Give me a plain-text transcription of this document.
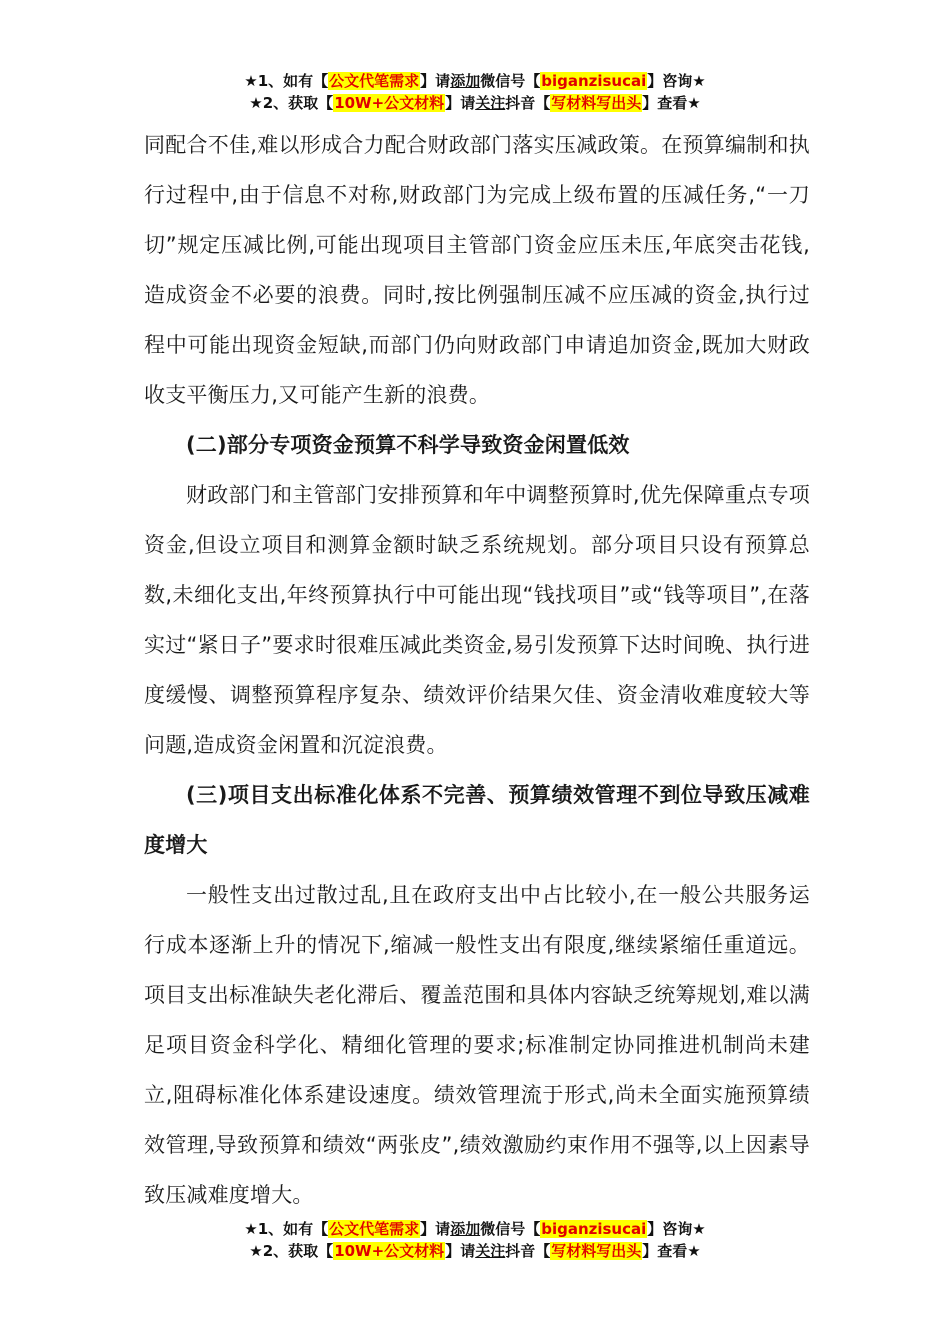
★1、如有【公文代笔需求】请添加微信号【biganzisucai】咨询★
★2、获取【10W+公文材料】请关注抖音【写材料写出头】查看★

同配合不佳,难以形成合力配合财政部门落实压减政策。在预算编制和执行过程中,由于信息不对称,财政部门为完成上级布置的压减任务,“一刀切”规定压减比例,可能出现项目主管部门资金应压未压,年底突击花钱,造成资金不必要的浪费。同时,按比例强制压减不应压减的资金,执行过程中可能出现资金短缺,而部门仍向财政部门申请追加资金,既加大财政收支平衡压力,又可能产生新的浪费。

(二)部分专项资金预算不科学导致资金闲置低效

财政部门和主管部门安排预算和年中调整预算时,优先保障重点专项资金,但设立项目和测算金额时缺乏系统规划。部分项目只设有预算总数,未细化支出,年终预算执行中可能出现“钱找项目”或“钱等项目”,在落实过“紧日子”要求时很难压减此类资金,易引发预算下达时间晚、执行进度缓慢、调整预算程序复杂、绩效评价结果欠佳、资金清收难度较大等问题,造成资金闲置和沉淀浪费。

(三)项目支出标准化体系不完善、预算绩效管理不到位导致压减难度增大

一般性支出过散过乱,且在政府支出中占比较小,在一般公共服务运行成本逐渐上升的情况下,缩减一般性支出有限度,继续紧缩任重道远。项目支出标准缺失老化滞后、覆盖范围和具体内容缺乏统筹规划,难以满足项目资金科学化、精细化管理的要求;标准制定协同推进机制尚未建立,阻碍标准化体系建设速度。绩效管理流于形式,尚未全面实施预算绩效管理,导致预算和绩效“两张皮”,绩效激励约束作用不强等,以上因素导致压减难度增大。

★1、如有【公文代笔需求】请添加微信号【biganzisucai】咨询★
★2、获取【10W+公文材料】请关注抖音【写材料写出头】查看★
